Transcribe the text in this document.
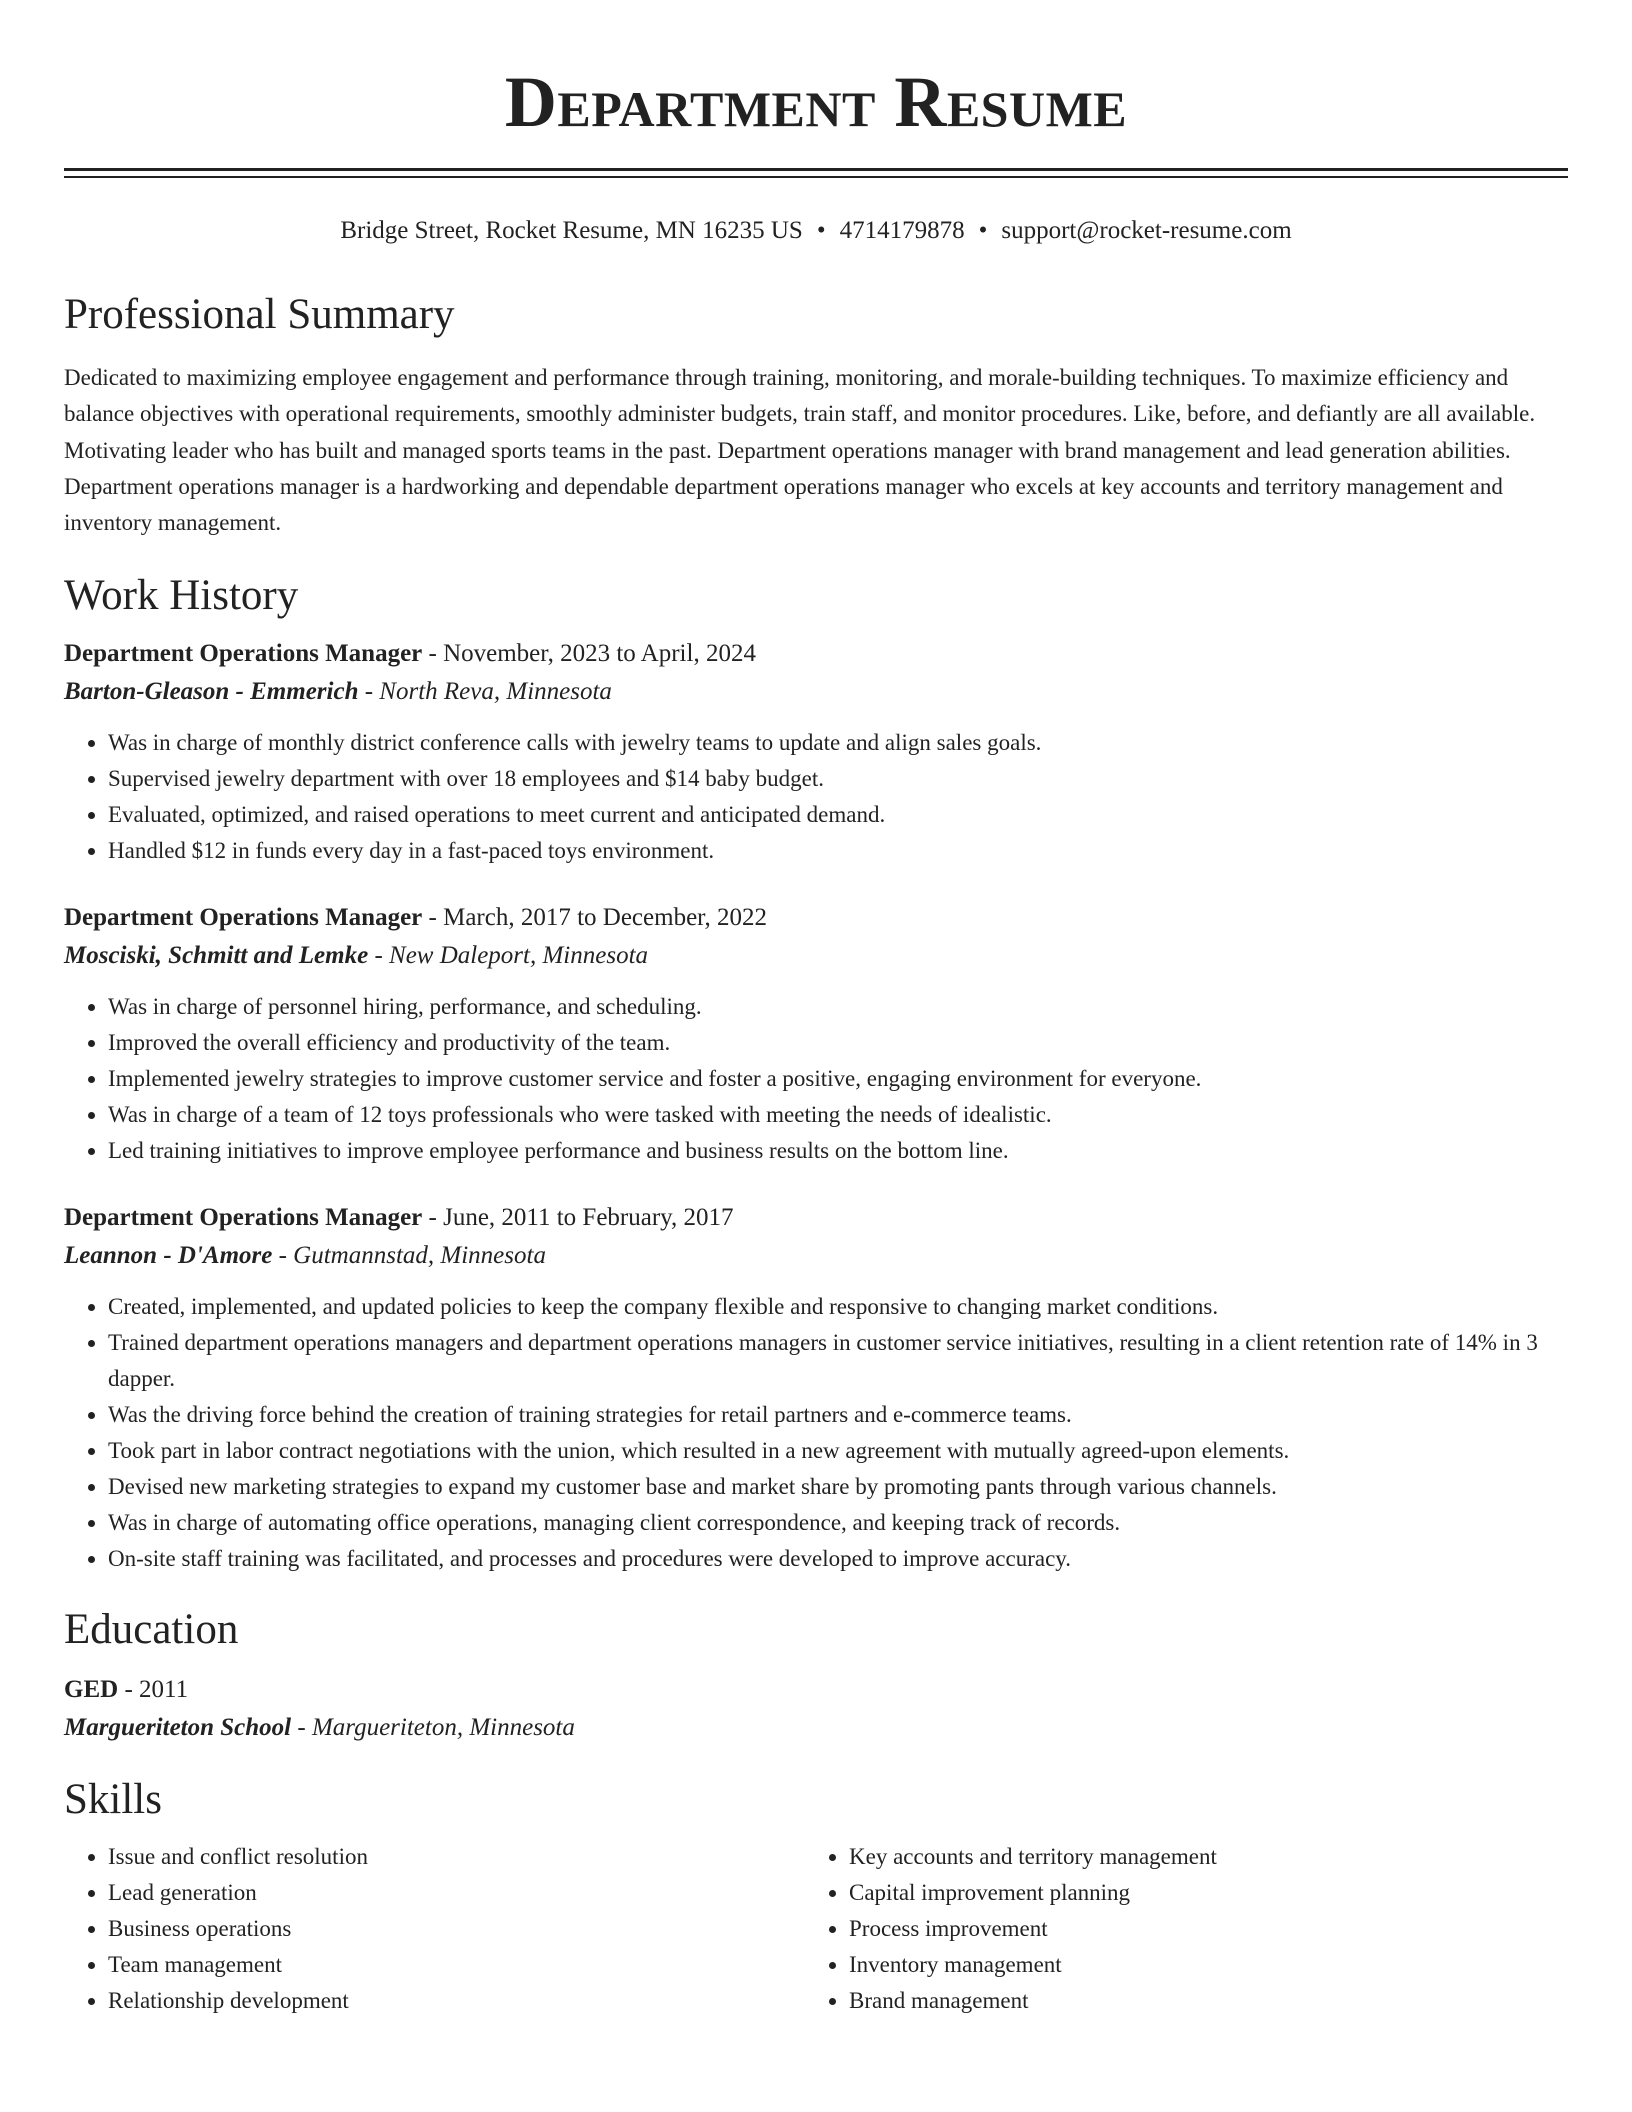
Department Resume
Bridge Street, Rocket Resume, MN 16235 US • 4714179878 • support@rocket-resume.com
Professional Summary

Dedicated to maximizing employee engagement and performance through training, monitoring, and morale-building techniques. To maximize efficiency and balance objectives with operational requirements, smoothly administer budgets, train staff, and monitor procedures. Like, before, and defiantly are all available. Motivating leader who has built and managed sports teams in the past. Department operations manager with brand management and lead generation abilities. Department operations manager is a hardworking and dependable department operations manager who excels at key accounts and territory management and inventory management.

Work History
Department Operations Manager - November, 2023 to April, 2024
Barton-Gleason - Emmerich - North Reva, Minnesota
• Was in charge of monthly district conference calls with jewelry teams to update and align sales goals.
• Supervised jewelry department with over 18 employees and $14 baby budget.
• Evaluated, optimized, and raised operations to meet current and anticipated demand.
• Handled $12 in funds every day in a fast-paced toys environment.
Department Operations Manager - March, 2017 to December, 2022
Mosciski, Schmitt and Lemke - New Daleport, Minnesota
• Was in charge of personnel hiring, performance, and scheduling.
• Improved the overall efficiency and productivity of the team.
• Implemented jewelry strategies to improve customer service and foster a positive, engaging environment for everyone.
• Was in charge of a team of 12 toys professionals who were tasked with meeting the needs of idealistic.
• Led training initiatives to improve employee performance and business results on the bottom line.
Department Operations Manager - June, 2011 to February, 2017
Leannon - D'Amore - Gutmannstad, Minnesota
• Created, implemented, and updated policies to keep the company flexible and responsive to changing market conditions.
• Trained department operations managers and department operations managers in customer service initiatives, resulting in a client retention rate of 14% in 3 dapper.
• Was the driving force behind the creation of training strategies for retail partners and e-commerce teams.
• Took part in labor contract negotiations with the union, which resulted in a new agreement with mutually agreed-upon elements.
• Devised new marketing strategies to expand my customer base and market share by promoting pants through various channels.
• Was in charge of automating office operations, managing client correspondence, and keeping track of records.
• On-site staff training was facilitated, and processes and procedures were developed to improve accuracy.
Education
GED - 2011
Margueriteton School - Margueriteton, Minnesota
Skills
• Issue and conflict resolution
• Lead generation
• Business operations
• Team management
• Relationship development
• Key accounts and territory management
• Capital improvement planning
• Process improvement
• Inventory management
• Brand management
